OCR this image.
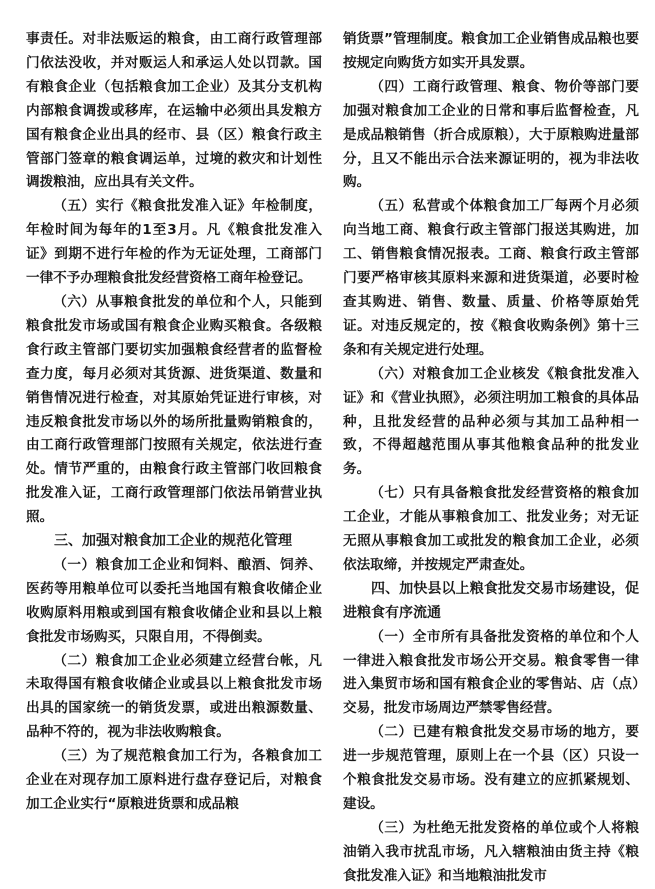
事责任。对非法贩运的粮食，由工商行政管理部门依法没收，并对贩运人和承运人处以罚款。国有粮食企业（包括粮食加工企业）及其分支机构内部粮食调拨或移库，在运输中必须出具发粮方国有粮食企业出具的经市、县（区）粮食行政主管部门签章的粮食调运单，过境的救灾和计划性调拨粮油，应出具有关文件。

（五）实行《粮食批发准入证》年检制度，年检时间为每年的1至3月。凡《粮食批发准入证》到期不进行年检的作为无证处理，工商部门一律不予办理粮食批发经营资格工商年检登记。

（六）从事粮食批发的单位和个人，只能到粮食批发市场或国有粮食企业购买粮食。各级粮食行政主管部门要切实加强粮食经营者的监督检查力度，每月必须对其货源、进货渠道、数量和销售情况进行检查，对其原始凭证进行审核，对违反粮食批发市场以外的场所批量购销粮食的，由工商行政管理部门按照有关规定，依法进行查处。情节严重的，由粮食行政主管部门收回粮食批发准入证，工商行政管理部门依法吊销营业执照。

三、加强对粮食加工企业的规范化管理

（一）粮食加工企业和饲料、酿酒、饲养、医药等用粮单位可以委托当地国有粮食收储企业收购原料用粮或到国有粮食收储企业和县以上粮食批发市场购买，只限自用，不得倒卖。

（二）粮食加工企业必须建立经营台帐，凡未取得国有粮食收储企业或县以上粮食批发市场出具的国家统一的销货发票，或进出粮源数量、品种不符的，视为非法收购粮食。

（三）为了规范粮食加工行为，各粮食加工企业在对现存加工原料进行盘存登记后，对粮食加工企业实行“原粮进货票和成品粮

销货票”管理制度。粮食加工企业销售成品粮也要按规定向购货方如实开具发票。

（四）工商行政管理、粮食、物价等部门要加强对粮食加工企业的日常和事后监督检查，凡是成品粮销售（折合成原粮），大于原粮购进量部分，且又不能出示合法来源证明的，视为非法收购。

（五）私营或个体粮食加工厂每两个月必须向当地工商、粮食行政主管部门报送其购进，加工、销售粮食情况报表。工商、粮食行政主管部门要严格审核其原料来源和进货渠道，必要时检查其购进、销售、数量、质量、价格等原始凭证。对违反规定的，按《粮食收购条例》第十三条和有关规定进行处理。

（六）对粮食加工企业核发《粮食批发准入证》和《营业执照》，必须注明加工粮食的具体品种，且批发经营的品种必须与其加工品种相一致，不得超越范围从事其他粮食品种的批发业务。

（七）只有具备粮食批发经营资格的粮食加工企业，才能从事粮食加工、批发业务；对无证无照从事粮食加工或批发的粮食加工企业，必须依法取缔，并按规定严肃查处。

四、加快县以上粮食批发交易市场建设，促进粮食有序流通

（一）全市所有具备批发资格的单位和个人一律进入粮食批发市场公开交易。粮食零售一律进入集贸市场和国有粮食企业的零售站、店（点）交易，批发市场周边严禁零售经营。

（二）已建有粮食批发交易市场的地方，要进一步规范管理，原则上在一个县（区）只设一个粮食批发交易市场。没有建立的应抓紧规划、建设。

（三）为杜绝无批发资格的单位或个人将粮油销入我市扰乱市场，凡入辖粮油由货主持《粮食批发准入证》和当地粮油批发市
